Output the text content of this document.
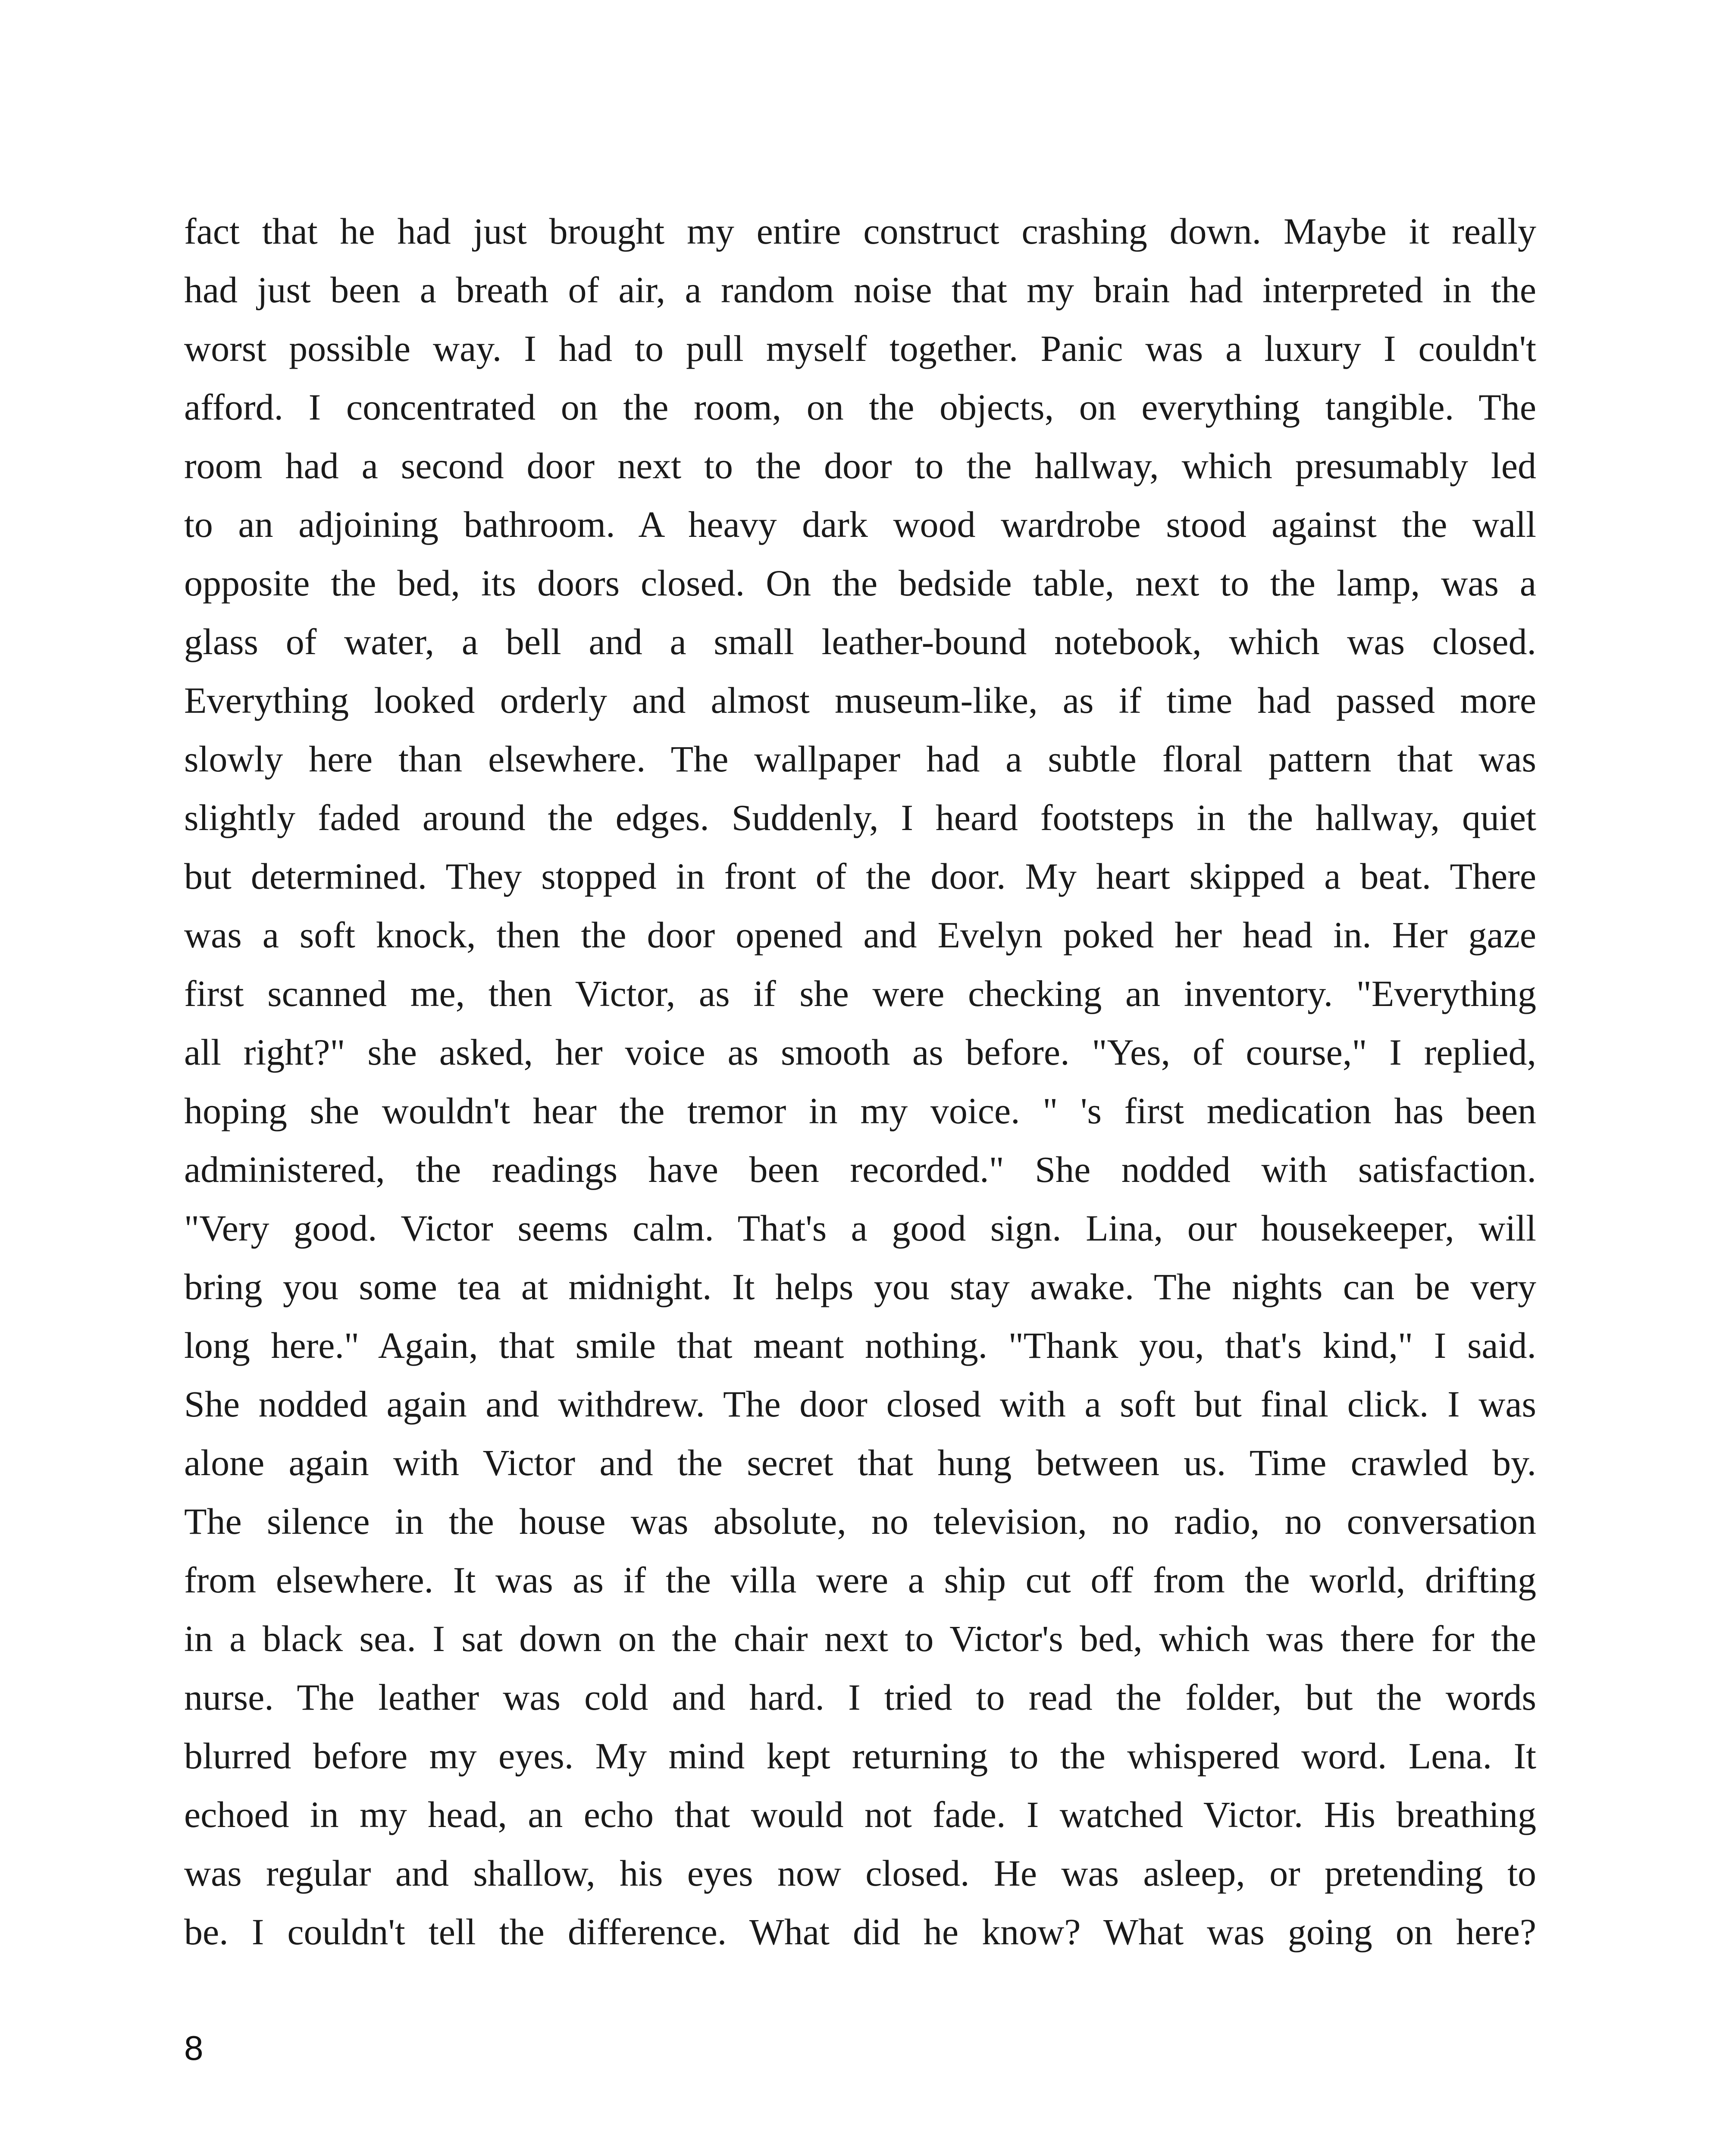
fact that he had just brought my entire construct crashing down. Maybe it really
had just been a breath of air, a random noise that my brain had interpreted in the
worst possible way. I had to pull myself together. Panic was a luxury I couldn't
afford. I concentrated on the room, on the objects, on everything tangible. The
room had a second door next to the door to the hallway, which presumably led
to an adjoining bathroom. A heavy dark wood wardrobe stood against the wall
opposite the bed, its doors closed. On the bedside table, next to the lamp, was a
glass of water, a bell and a small leather-bound notebook, which was closed.
Everything looked orderly and almost museum-like, as if time had passed more
slowly here than elsewhere. The wallpaper had a subtle floral pattern that was
slightly faded around the edges. Suddenly, I heard footsteps in the hallway, quiet
but determined. They stopped in front of the door. My heart skipped a beat. There
was a soft knock, then the door opened and Evelyn poked her head in. Her gaze
first scanned me, then Victor, as if she were checking an inventory. "Everything
all right?" she asked, her voice as smooth as before. "Yes, of course," I replied,
hoping she wouldn't hear the tremor in my voice. " 's first medication has been
administered, the readings have been recorded." She nodded with satisfaction.
"Very good. Victor seems calm. That's a good sign. Lina, our housekeeper, will
bring you some tea at midnight. It helps you stay awake. The nights can be very
long here." Again, that smile that meant nothing. "Thank you, that's kind," I said.
She nodded again and withdrew. The door closed with a soft but final click. I was
alone again with Victor and the secret that hung between us. Time crawled by.
The silence in the house was absolute, no television, no radio, no conversation
from elsewhere. It was as if the villa were a ship cut off from the world, drifting
in a black sea. I sat down on the chair next to Victor's bed, which was there for the
nurse. The leather was cold and hard. I tried to read the folder, but the words
blurred before my eyes. My mind kept returning to the whispered word. Lena. It
echoed in my head, an echo that would not fade. I watched Victor. His breathing
was regular and shallow, his eyes now closed. He was asleep, or pretending to
be. I couldn't tell the difference. What did he know? What was going on here?
8
